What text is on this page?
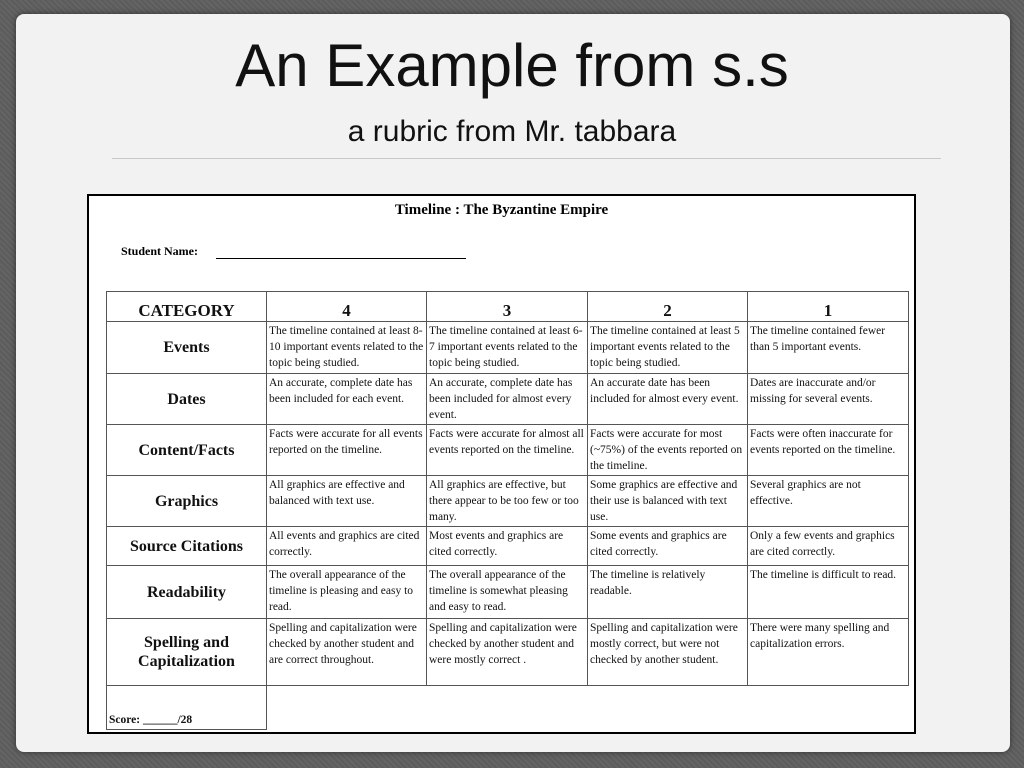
An Example from s.s
a rubric from Mr. tabbara
Timeline : The Byzantine Empire
Student Name:
CATEGORY	4	3	2	1
Events	The timeline contained at least 8-10 important events related to the topic being studied.	The timeline contained at least 6-7 important events related to the topic being studied.	The timeline contained at least 5 important events related to the topic being studied.	The timeline contained fewer than 5 important events.
Dates	An accurate, complete date has been included for each event.	An accurate, complete date has been included for almost every event.	An accurate date has been included for almost every event.	Dates are inaccurate and/or missing for several events.
Content/Facts	Facts were accurate for all events reported on the timeline.	Facts were accurate for almost all events reported on the timeline.	Facts were accurate for most (~75%) of the events reported on the timeline.	Facts were often inaccurate for events reported on the timeline.
Graphics	All graphics are effective and balanced with text use.	All graphics are effective, but there appear to be too few or too many.	Some graphics are effective and their use is balanced with text use.	Several graphics are not effective.
Source Citations	All events and graphics are cited correctly.	Most events and graphics are cited correctly.	Some events and graphics are cited correctly.	Only a few events and graphics are cited correctly.
Readability	The overall appearance of the timeline is pleasing and easy to read.	The overall appearance of the timeline is somewhat pleasing and easy to read.	The timeline is relatively readable.	The timeline is difficult to read.
Spelling and Capitalization	Spelling and capitalization were checked by another student and are correct throughout.	Spelling and capitalization were checked by another student and were mostly correct .	Spelling and capitalization were mostly correct, but were not checked by another student.	There were many spelling and capitalization errors.
Score: ______/28				
